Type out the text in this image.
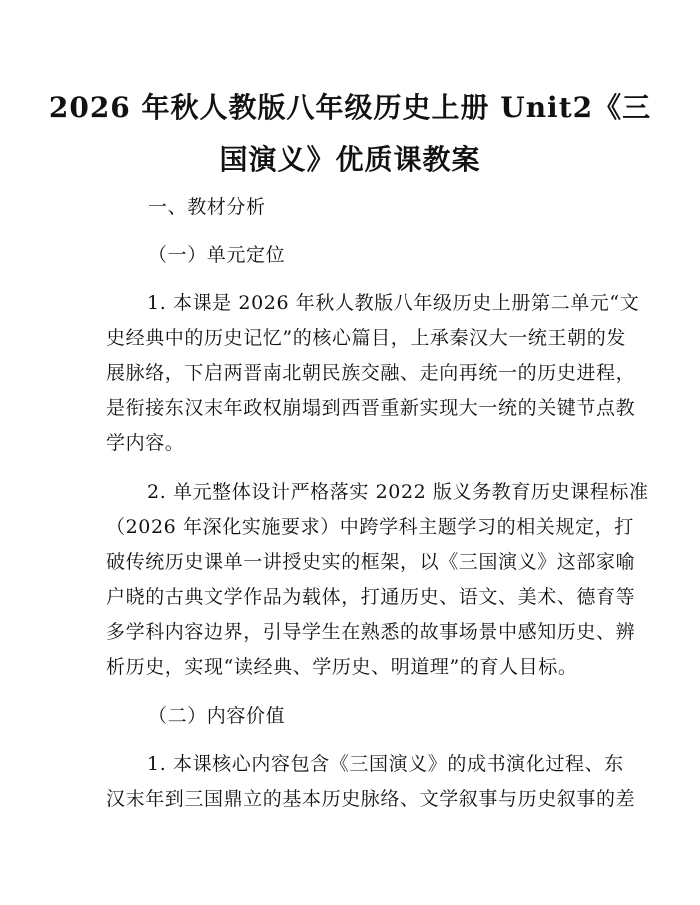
2026 年秋人教版八年级历史上册 Unit2《三
国演义》优质课教案
一、教材分析
（一）单元定位
1. 本课是 2026 年秋人教版八年级历史上册第二单元“文
史经典中的历史记忆”的核心篇目，上承秦汉大一统王朝的发
展脉络，下启两晋南北朝民族交融、走向再统一的历史进程，
是衔接东汉末年政权崩塌到西晋重新实现大一统的关键节点教
学内容。
2. 单元整体设计严格落实 2022 版义务教育历史课程标准
（2026 年深化实施要求）中跨学科主题学习的相关规定，打
破传统历史课单一讲授史实的框架，以《三国演义》这部家喻
户晓的古典文学作品为载体，打通历史、语文、美术、德育等
多学科内容边界，引导学生在熟悉的故事场景中感知历史、辨
析历史，实现“读经典、学历史、明道理”的育人目标。
（二）内容价值
1. 本课核心内容包含《三国演义》的成书演化过程、东
汉末年到三国鼎立的基本历史脉络、文学叙事与历史叙事的差
